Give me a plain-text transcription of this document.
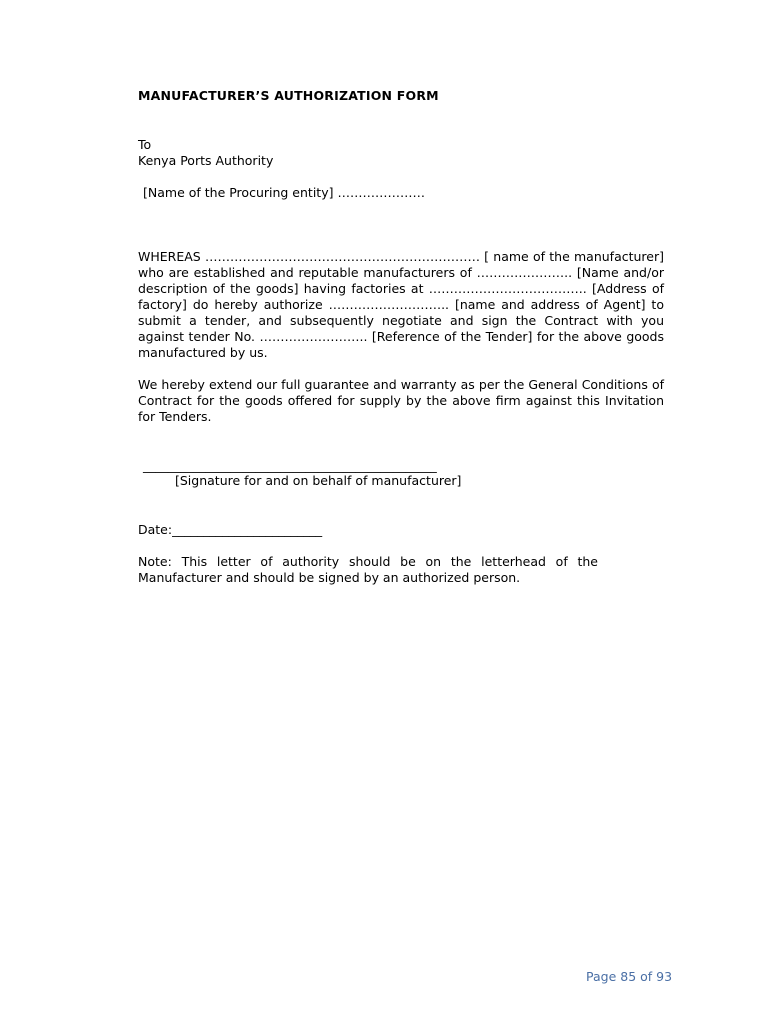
MANUFACTURER’S AUTHORIZATION FORM
To
Kenya Ports Authority
[Name of the Procuring entity] …………………
WHEREAS ………………………………………………………… [ name of the manufacturer] who are established and reputable manufacturers of ………………….. [Name and/or description of the goods] having factories at ……………………………….. [Address of factory] do hereby authorize ……………………….. [name and address of Agent] to submit a tender, and subsequently negotiate and sign the Contract with you against tender No. …………………….. [Reference of the Tender] for the above goods manufactured by us.
We hereby extend our full guarantee and warranty as per the General Conditions of Contract for the goods offered for supply by the above firm against this Invitation for Tenders.
_______________________________________________
[Signature for and on behalf of manufacturer]
Date:________________________
Note: This letter of authority should be on the letterhead of the Manufacturer and should be signed by an authorized person.
Page 85 of 93
